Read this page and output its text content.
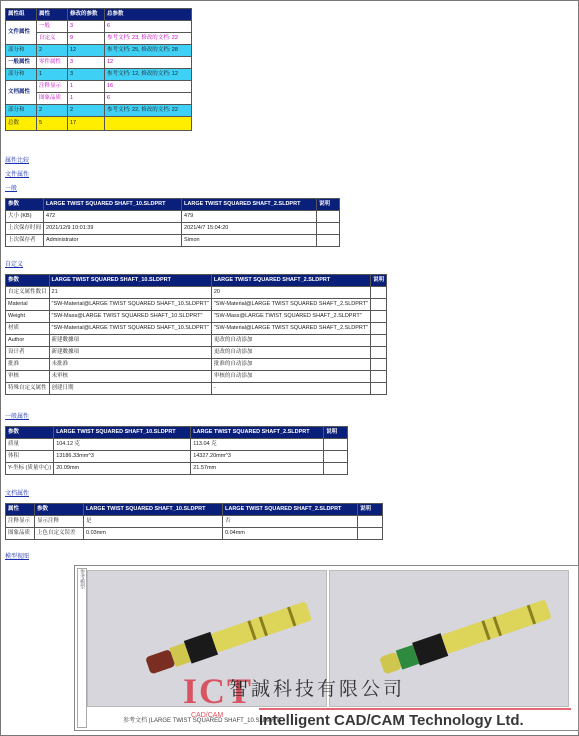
属性组	属性	修改的参数	总参数
文件属性	一般	3	6
	自定义	9	参考文档: 23, 修改的文档: 22
部分和	2	12	参考文档: 25, 修改的文档: 28
一般属性	零件属性	3	12
部分和	1	3	参考文档: 12, 修改的文档: 12
文档属性	注释显示	1	16
	图象品质	1	6
部分和	2	2	参考文档: 22, 修改的文档: 22
总数	5	17	
属性比较
文件属性
一般
参数	LARGE TWIST SQUARED SHAFT_10.SLDPRT	LARGE TWIST SQUARED SHAFT_2.SLDPRT	说明
大小 (KB)	472	479	
上次保存时间	2021/12/9 10:01:39	2021/4/7 15:04:20	
上次保存者	Administrator	Simon	
自定义
参数	LARGE TWIST SQUARED SHAFT_10.SLDPRT	LARGE TWIST SQUARED SHAFT_2.SLDPRT	说明
自定义属性数目	21	20	
Material	"SW-Material@LARGE TWIST SQUARED SHAFT_10.SLDPRT"	"SW-Material@LARGE TWIST SQUARED SHAFT_2.SLDPRT"	
Weight	"SW-Mass@LARGE TWIST SQUARED SHAFT_10.SLDPRT"	"SW-Mass@LARGE TWIST SQUARED SHAFT_2.SLDPRT"	
材质	"SW-Material@LARGE TWIST SQUARED SHAFT_10.SLDPRT"	"SW-Material@LARGE TWIST SQUARED SHAFT_2.SLDPRT"	
Author	新建數據项	更改的自动添加	
设计者	新建數據项	更改的自动添加	
批准	未批准	批准的自动添加	
审核	未审核	审核的自动添加	
特殊自定义属性	创建日期	-	
一般属性
参数	LARGE TWIST SQUARED SHAFT_10.SLDPRT	LARGE TWIST SQUARED SHAFT_2.SLDPRT	说明
质量	104.12 克	113.04 克	
体积	13186.33mm^3	14327.20mm^3	
Y-坐标 (质量中心)	20.09mm	21.57mm	
文档属性
属性	参数	LARGE TWIST SQUARED SHAFT_10.SLDPRT	LARGE TWIST SQUARED SHAFT_2.SLDPRT	说明
注释显示	显示注释	是	否	
图象品质	上色自定义误差	0.03mm	0.04mm	
模型视图
参考模型
参考文档 (LARGE TWIST SQUARED SHAFT_10.SLDPRT)
ICT
CAD/CAM
智誠科技有限公司
Intelligent CAD/CAM Technology Ltd.
